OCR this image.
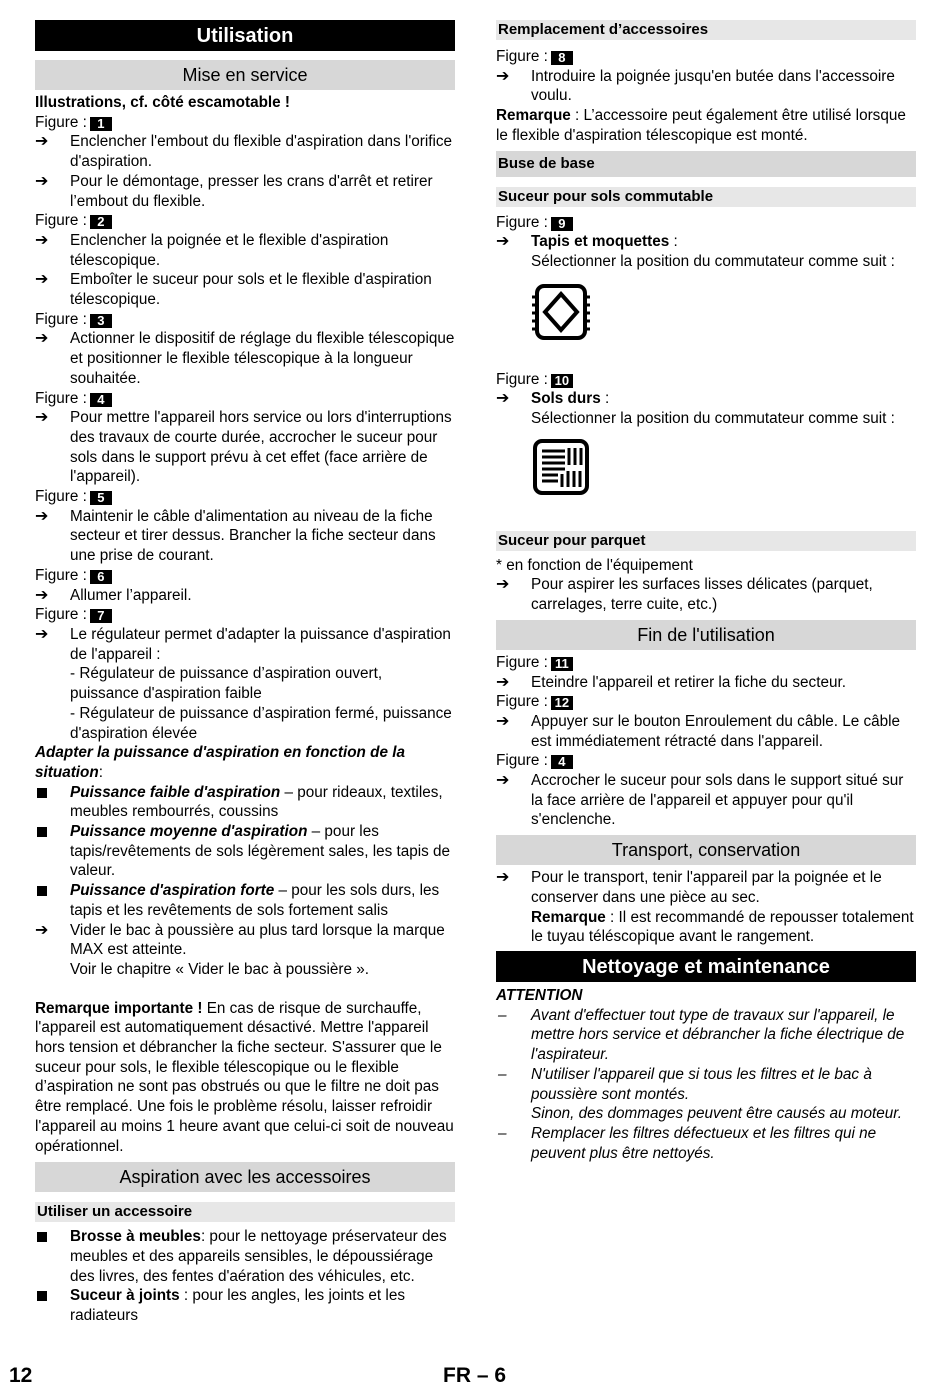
Utilisation
Mise en service
Illustrations, cf. côté escamotable !
Figure : 1
➔	Enclencher l'embout du flexible d'aspiration dans l'orifice d'aspiration.
➔	Pour le démontage, presser les crans d'arrêt et retirer l’embout du flexible.
Figure : 2
➔	Enclencher la poignée et le flexible d'aspiration télescopique.
➔	Emboîter le suceur pour sols et le flexible d'aspiration télescopique.
Figure : 3
➔	Actionner le dispositif de réglage du flexible télescopique et positionner le flexible télescopique à la longueur souhaitée.
Figure : 4
➔	Pour mettre l'appareil hors service ou lors d'interruptions des travaux de courte durée, accrocher le suceur pour sols dans le support prévu à cet effet (face arrière de l'appareil).
Figure : 5
➔	Maintenir le câble d'alimentation au niveau de la fiche secteur et tirer dessus. Brancher la fiche secteur dans une prise de courant.
Figure : 6
➔	Allumer l’appareil.
Figure : 7
➔	Le régulateur permet d'adapter la puissance d'aspiration de l'appareil :
- Régulateur de puissance d’aspiration ouvert, puissance d'aspiration faible
- Régulateur de puissance d’aspiration fermé, puissance d'aspiration élevée
Adapter la puissance d'aspiration en fonction de la situation:
Puissance faible d'aspiration – pour rideaux, textiles, meubles rembourrés, coussins
Puissance moyenne d'aspiration – pour les tapis/revêtements de sols légèrement sales, les tapis de valeur.
Puissance d'aspiration forte – pour les sols durs, les tapis et les revêtements de sols fortement salis
➔	Vider le bac à poussière au plus tard lorsque la marque MAX est atteinte.
Voir le chapitre « Vider le bac à poussière ».
Remarque importante ! En cas de risque de surchauffe, l'appareil est automatiquement désactivé. Mettre l'appareil hors tension et débrancher la fiche secteur. S'assurer que le suceur pour sols, le flexible télescopique ou le flexible d’aspiration ne sont pas obstrués ou que le filtre ne doit pas être remplacé. Une fois le problème résolu, laisser refroidir l'appareil au moins 1 heure avant que celui-ci soit de nouveau opérationnel.
Aspiration avec les accessoires
Utiliser un accessoire
Brosse à meubles: pour le nettoyage préservateur des meubles et des appareils sensibles, le dépoussiérage des livres, des fentes d'aération des véhicules, etc.
Suceur à joints : pour les angles, les joints et les radiateurs
Remplacement d’accessoires
Figure : 8
➔	Introduire la poignée jusqu'en butée dans l'accessoire voulu.
Remarque : L’accessoire peut également être utilisé lorsque le flexible d'aspiration télescopique est monté.
Buse de base
Suceur pour sols commutable
Figure : 9
➔	Tapis et moquettes :
Sélectionner la position du commutateur comme suit :
Figure : 10
➔	Sols durs :
Sélectionner la position du commutateur comme suit :
Suceur pour parquet
* en fonction de l'équipement
➔	Pour aspirer les surfaces lisses délicates (parquet, carrelages, terre cuite, etc.)
Fin de l'utilisation
Figure : 11
➔	Eteindre l'appareil et retirer la fiche du secteur.
Figure : 12
➔	Appuyer sur le bouton Enroulement du câble. Le câble est immédiatement rétracté dans l'appareil.
Figure : 4
➔	Accrocher le suceur pour sols dans le support situé sur la face arrière de l'appareil et appuyer pour qu'il s'enclenche.
Transport, conservation
➔	Pour le transport, tenir l'appareil par la poignée et le conserver dans une pièce au sec.
Remarque : Il est recommandé de repousser totalement le tuyau téléscopique avant le rangement.
Nettoyage et maintenance
ATTENTION
– Avant d'effectuer tout type de travaux sur l'appareil, le mettre hors service et débrancher la fiche électrique de l'aspirateur.
– N'utiliser l'appareil que si tous les filtres et le bac à poussière sont montés.
Sinon, des dommages peuvent être causés au moteur.
– Remplacer les filtres défectueux et les filtres qui ne peuvent plus être nettoyés.
12	FR – 6
